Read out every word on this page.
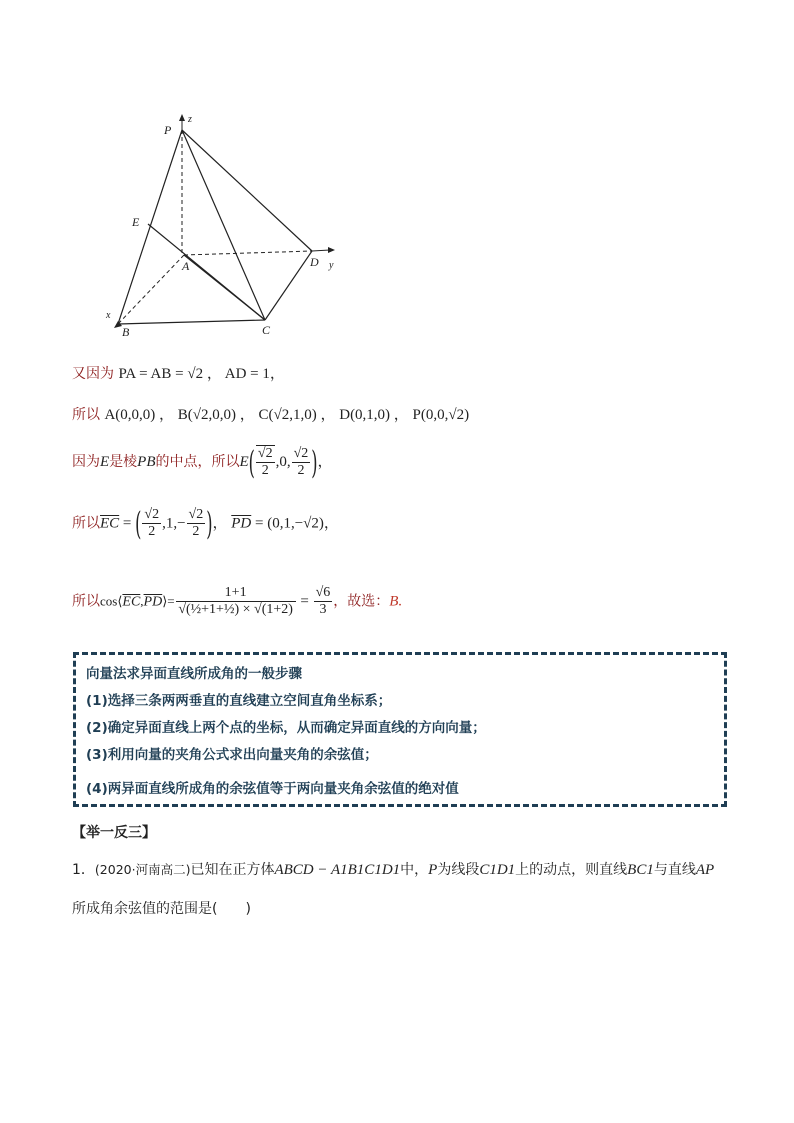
P
z
E
A	D y
x
B	C
又因为 PA = AB = √2 ， AD = 1，
所以 A(0,0,0) ， B(√2,0,0) ， C(√2,1,0) ， D(0,1,0) ， P(0,0,√2)
因为E是棱PB的中点，所以$E( \frac{√2}{2} ,0$, $\frac{√2}{2}$ )，
所以$\overline{EC}$ = ( $\frac{√2}{2} ,1,- \frac{√2}{2}$ )， $\overline{PD} = (0,1,-√2)$，
所以$\cos⟨\overline{EC},\overline{PD}⟩= \frac{1+1}{\text{√(½+1+½) × √(1+2)}} = \frac{√6}{3}$ ，故选：B.
向量法求异面直线所成角的一般步骤
(1)选择三条两两垂直的直线建立空间直角坐标系；
(2)确定异面直线上两个点的坐标，从而确定异面直线的方向向量；
(3)利用向量的夹角公式求出向量夹角的余弦值；
(4)两异面直线所成角的余弦值等于两向量夹角余弦值的绝对值
【举一反三】
1．(2020·河南高二)已知在正方体ABCD − A1B1C1D1中，P为线段C1D1上的动点，则直线BC1与直线AP
所成角余弦值的范围是(　　)
